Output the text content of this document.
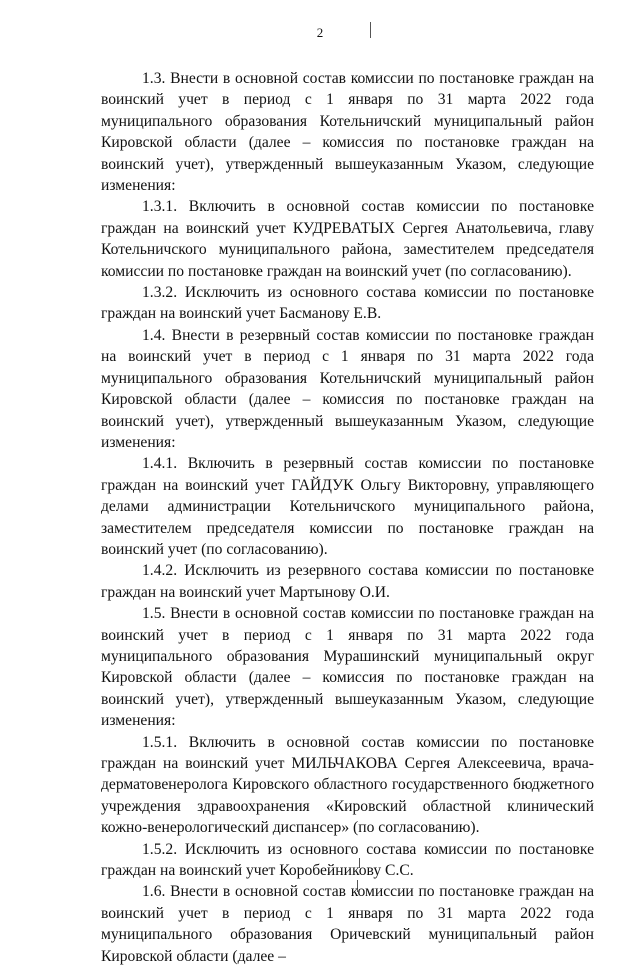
2

1.3. Внести в основной состав комиссии по постановке граждан на воинский учет в период с 1 января по 31 марта 2022 года муниципального образования Котельничский муниципальный район Кировской области (далее – комиссия по постановке граждан на воинский учет), утвержденный вышеуказанным Указом, следующие изменения:

1.3.1. Включить в основной состав комиссии по постановке граждан на воинский учет КУДРЕВАТЫХ Сергея Анатольевича, главу Котельничского муниципального района, заместителем председателя комиссии по постановке граждан на воинский учет (по согласованию).

1.3.2. Исключить из основного состава комиссии по постановке граждан на воинский учет Басманову Е.В.

1.4. Внести в резервный состав комиссии по постановке граждан на воинский учет в период с 1 января по 31 марта 2022 года муниципального образования Котельничский муниципальный район Кировской области (далее – комиссия по постановке граждан на воинский учет), утвержденный вышеуказанным Указом, следующие изменения:

1.4.1. Включить в резервный состав комиссии по постановке граждан на воинский учет ГАЙДУК Ольгу Викторовну, управляющего делами администрации Котельничского муниципального района, заместителем председателя комиссии по постановке граждан на воинский учет (по согласованию).

1.4.2. Исключить из резервного состава комиссии по постановке граждан на воинский учет Мартынову О.И.

1.5. Внести в основной состав комиссии по постановке граждан на воинский учет в период с 1 января по 31 марта 2022 года муниципального образования Мурашинский муниципальный округ Кировской области (далее – комиссия по постановке граждан на воинский учет), утвержденный вышеуказанным Указом, следующие изменения:

1.5.1. Включить в основной состав комиссии по постановке граждан на воинский учет МИЛЬЧАКОВА Сергея Алексеевича, врача-дерматовенеролога Кировского областного государственного бюджетного учреждения здравоохранения «Кировский областной клинический кожно-венерологический диспансер» (по согласованию).

1.5.2. Исключить из основного состава комиссии по постановке граждан на воинский учет Коробейникову С.С.

1.6. Внести в основной состав комиссии по постановке граждан на воинский учет в период с 1 января по 31 марта 2022 года муниципального образования Оричевский муниципальный район Кировской области (далее –
